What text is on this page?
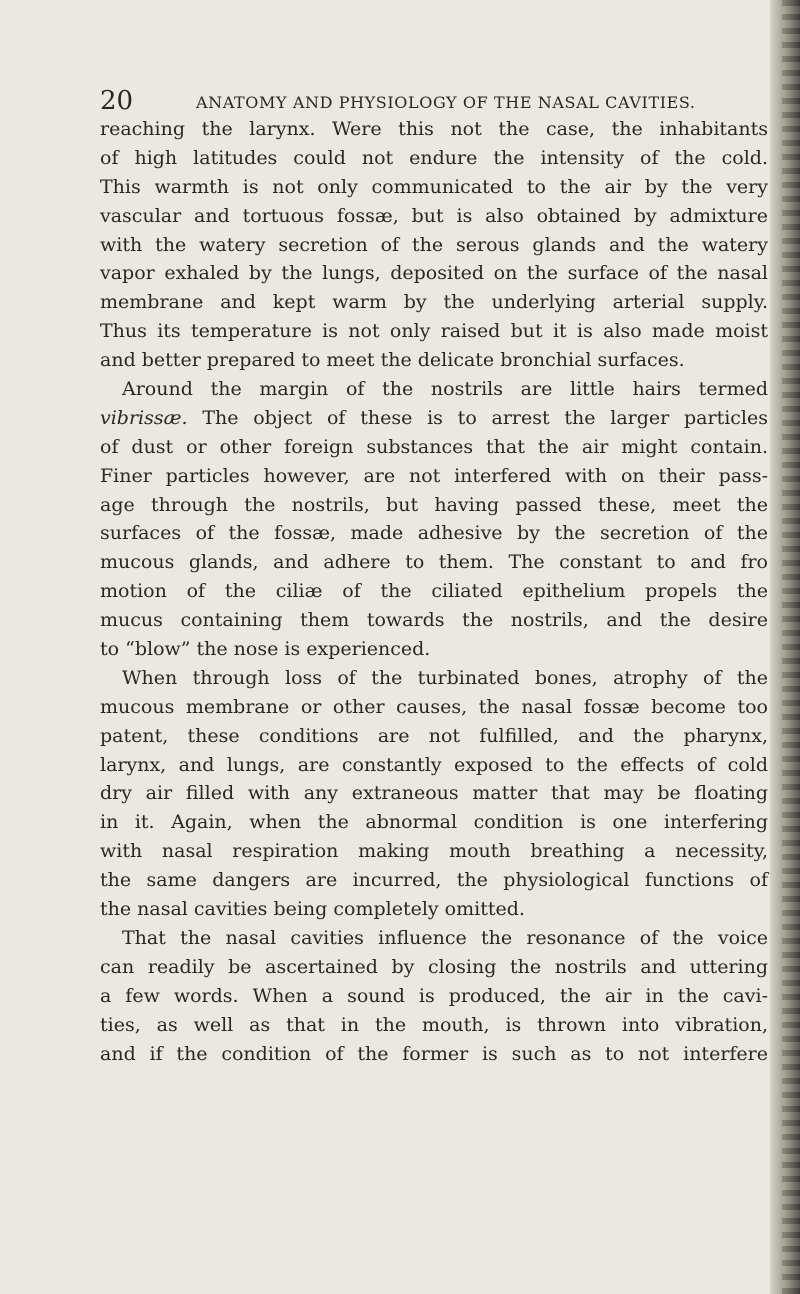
20	ANATOMY AND PHYSIOLOGY OF THE NASAL CAVITIES.
reaching the larynx. Were this not the case, the inhabitants
of high latitudes could not endure the intensity of the cold.
This warmth is not only communicated to the air by the very
vascular and tortuous fossæ, but is also obtained by admixture
with the watery secretion of the serous glands and the watery
vapor exhaled by the lungs, deposited on the surface of the nasal
membrane and kept warm by the underlying arterial supply.
Thus its temperature is not only raised but it is also made moist
and better prepared to meet the delicate bronchial surfaces.
Around the margin of the nostrils are little hairs termed
vibrissæ. The object of these is to arrest the larger particles
of dust or other foreign substances that the air might contain.
Finer particles however, are not interfered with on their pass-
age through the nostrils, but having passed these, meet the
surfaces of the fossæ, made adhesive by the secretion of the
mucous glands, and adhere to them. The constant to and fro
motion of the ciliæ of the ciliated epithelium propels the
mucus containing them towards the nostrils, and the desire
to “blow” the nose is experienced.
When through loss of the turbinated bones, atrophy of the
mucous membrane or other causes, the nasal fossæ become too
patent, these conditions are not fulfilled, and the pharynx,
larynx, and lungs, are constantly exposed to the effects of cold
dry air filled with any extraneous matter that may be floating
in it. Again, when the abnormal condition is one interfering
with nasal respiration making mouth breathing a necessity,
the same dangers are incurred, the physiological functions of
the nasal cavities being completely omitted.
That the nasal cavities influence the resonance of the voice
can readily be ascertained by closing the nostrils and uttering
a few words. When a sound is produced, the air in the cavi-
ties, as well as that in the mouth, is thrown into vibration,
and if the condition of the former is such as to not interfere
